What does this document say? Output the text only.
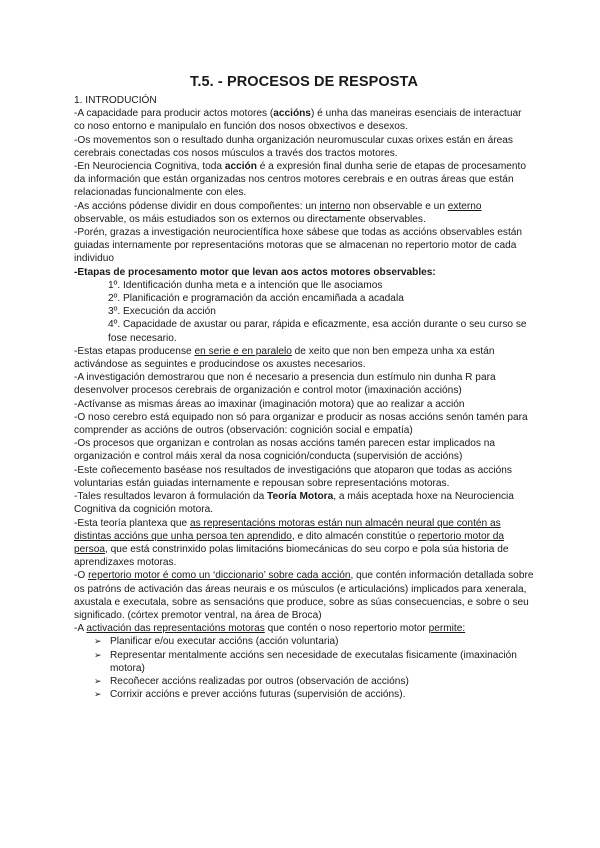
T.5. - PROCESOS DE RESPOSTA

1. INTRODUCIÓN

-A capacidade para producir actos motores (accións) é unha das maneiras esenciais de interactuar co noso entorno e manipulalo en función dos nosos obxectivos e desexos.

-Os movementos son o resultado dunha organización neuromuscular cuxas orixes están en áreas cerebrais conectadas cos nosos músculos a través dos tractos motores.

-En Neurociencia Cognitiva, toda acción é a expresión final dunha serie de etapas de procesamento da información que están organizadas nos centros motores cerebrais e en outras áreas que están relacionadas funcionalmente con eles.

-As accións pódense dividir en dous compoñentes: un interno non observable e un externo observable, os máis estudiados son os externos ou directamente observables.

-Porén, grazas a investigación neurocientífica hoxe sábese que todas as accións observables están guiadas internamente por representacións motoras que se almacenan no repertorio motor de cada individuo

-Etapas de procesamento motor que levan aos actos motores observables:

1º. Identificación dunha meta e a intención que lle asociamos
2º. Planificación e programación da acción encamiñada a acadala
3º. Execución da acción
4º. Capacidade de axustar ou parar, rápida e eficazmente, esa acción durante o seu curso se fose necesario.

-Estas etapas producense en serie e en paralelo de xeito que non ben empeza unha xa están activándose as seguintes e producindose os axustes necesarios.

-A investigación demostrarou que non é necesario a presencia dun estímulo nin dunha R para desenvolver procesos cerebrais de organización e control motor (imaxinación accións)

-Actívanse as mismas áreas ao imaxinar (imaginación motora) que ao realizar a acción

-O noso cerebro está equipado non só para organizar e producir as nosas accións senón tamén para comprender as accións de outros (observación: cognición social e empatía)

-Os procesos que organizan e controlan as nosas accións tamén parecen estar implicados na organización e control máis xeral da nosa cognición/conducta (supervisión de accións)

-Este coñecemento baséase nos resultados de investigacións que atoparon que todas as accións voluntarias están guiadas internamente e repousan sobre representacións motoras.

-Tales resultados levaron á formulación da Teoría Motora, a máis aceptada hoxe na Neurociencia Cognitiva da cognición motora.

-Esta teoría plantexa que as representacións motoras están nun almacén neural que contén as distintas accións que unha persoa ten aprendido, e dito almacén constitúe o repertorio motor da persoa, que está constrinxido polas limitacións biomecánicas do seu corpo e pola súa historia de aprendizaxes motoras.

-O repertorio motor é como un ‘diccionario’ sobre cada acción, que contén información detallada sobre os patróns de activación das áreas neurais e os músculos (e articulacións) implicados para xenerala, axustala e executala, sobre as sensacións que produce, sobre as súas consecuencias, e sobre o seu significado. (córtex premotor ventral, na área de Broca)

-A activación das representacións motoras que contén o noso repertorio motor permite:

➢ Planificar e/ou executar accións (acción voluntaria)
➢ Representar mentalmente accións sen necesidade de executalas fisicamente (imaxinación motora)
➢ Recoñecer accións realizadas por outros (observación de accións)
➢ Corrixir accións e prever accións futuras (supervisión de accións).
